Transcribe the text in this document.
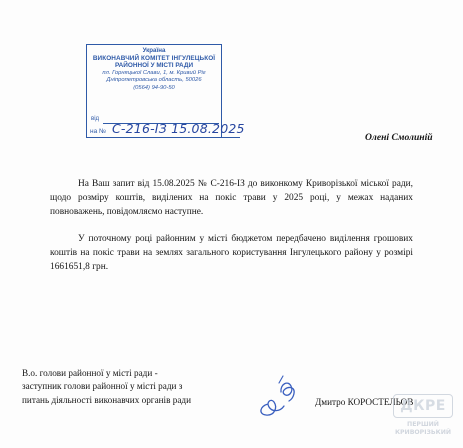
Україна
ВИКОНАВЧИЙ КОМІТЕТ ІНГУЛЕЦЬКОЇ
РАЙОННОЇ У МІСТІ РАДИ
пл. Горняцької Слави, 1, м. Кривий Ріг
Дніпропетровська область, 50026
(0564) 94-90-50
від
на № С-216-ІЗ 15.08.2025
Олені Смолиній
На Ваш запит від 15.08.2025 № С-216-ІЗ до виконкому Криворізької міської ради, щодо розміру коштів, виділених на покіс трави у 2025 році, у межах наданих повноважень, повідомляємо наступне.
У поточному році районним у місті бюджетом передбачено виділення грошових коштів на покіс трави на землях загального користування Інгулецького району у розмірі 1661651,8 грн.
В.о. голови районної у місті ради -
заступник голови районної у місті ради з
питань діяльності виконавчих органів ради	Дмитро КОРОСТЕЛЬОВ
ДКРЕ
ПЕРШИЙ
КРИВОРІЗЬКИЙ
